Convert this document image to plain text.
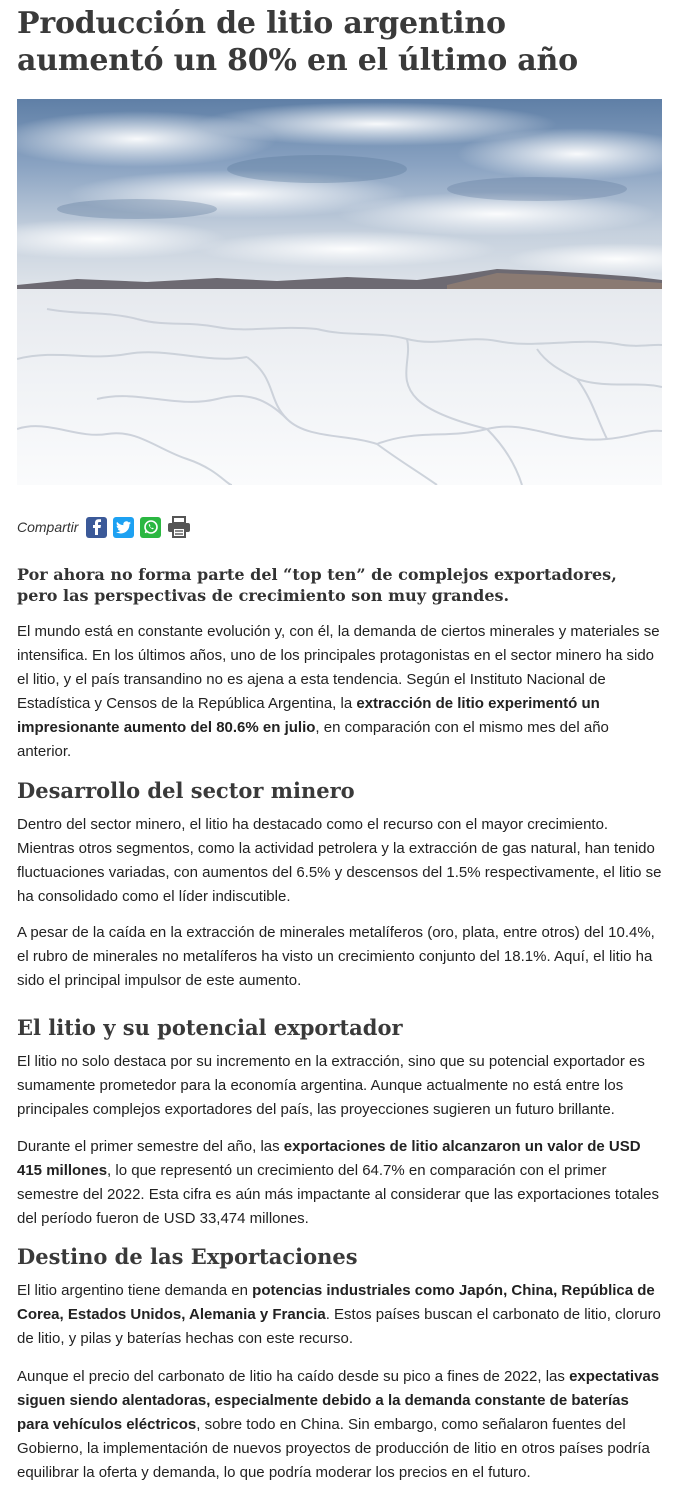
Producción de litio argentino aumentó un 80% en el último año
Compartir

Por ahora no forma parte del “top ten” de complejos exportadores, pero las perspectivas de crecimiento son muy grandes.

El mundo está en constante evolución y, con él, la demanda de ciertos minerales y materiales se intensifica. En los últimos años, uno de los principales protagonistas en el sector minero ha sido el litio, y el país transandino no es ajena a esta tendencia. Según el Instituto Nacional de Estadística y Censos de la República Argentina, la extracción de litio experimentó un impresionante aumento del 80.6% en julio, en comparación con el mismo mes del año anterior.

Desarrollo del sector minero

Dentro del sector minero, el litio ha destacado como el recurso con el mayor crecimiento. Mientras otros segmentos, como la actividad petrolera y la extracción de gas natural, han tenido fluctuaciones variadas, con aumentos del 6.5% y descensos del 1.5% respectivamente, el litio se ha consolidado como el líder indiscutible.

A pesar de la caída en la extracción de minerales metalíferos (oro, plata, entre otros) del 10.4%, el rubro de minerales no metalíferos ha visto un crecimiento conjunto del 18.1%. Aquí, el litio ha sido el principal impulsor de este aumento.

El litio y su potencial exportador

El litio no solo destaca por su incremento en la extracción, sino que su potencial exportador es sumamente prometedor para la economía argentina. Aunque actualmente no está entre los principales complejos exportadores del país, las proyecciones sugieren un futuro brillante.

Durante el primer semestre del año, las exportaciones de litio alcanzaron un valor de USD 415 millones, lo que representó un crecimiento del 64.7% en comparación con el primer semestre del 2022. Esta cifra es aún más impactante al considerar que las exportaciones totales del período fueron de USD 33,474 millones.

Destino de las Exportaciones

El litio argentino tiene demanda en potencias industriales como Japón, China, República de Corea, Estados Unidos, Alemania y Francia. Estos países buscan el carbonato de litio, cloruro de litio, y pilas y baterías hechas con este recurso.

Aunque el precio del carbonato de litio ha caído desde su pico a fines de 2022, las expectativas siguen siendo alentadoras, especialmente debido a la demanda constante de baterías para vehículos eléctricos, sobre todo en China. Sin embargo, como señalaron fuentes del Gobierno, la implementación de nuevos proyectos de producción de litio en otros países podría equilibrar la oferta y demanda, lo que podría moderar los precios en el futuro.
